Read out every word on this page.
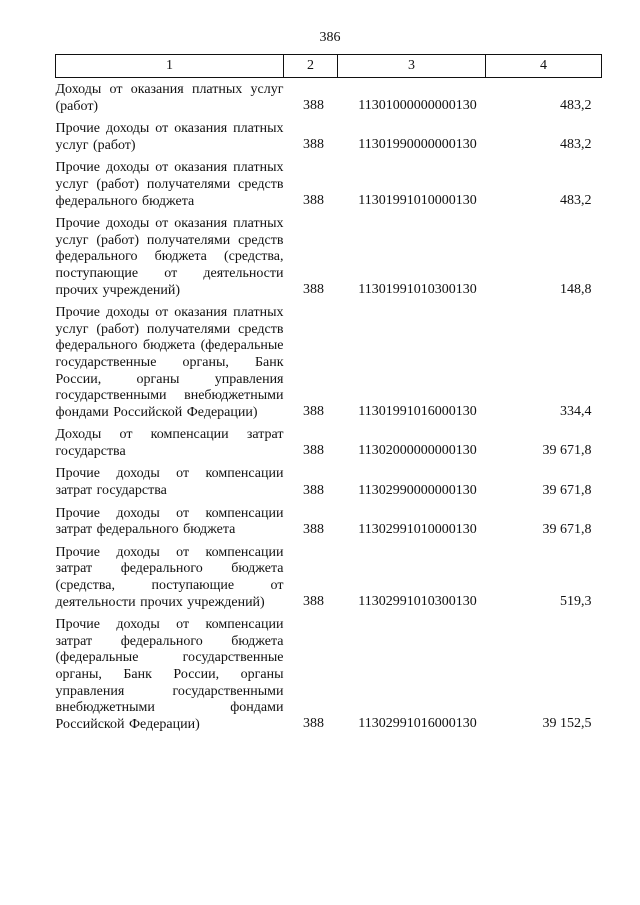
386
1	2	3	4
Доходы от оказания платных услуг (работ)	388	11301000000000130	483,2
Прочие доходы от оказания платных услуг (работ)	388	11301990000000130	483,2
Прочие доходы от оказания платных услуг (работ) получателями средств федерального бюджета	388	11301991010000130	483,2
Прочие доходы от оказания платных услуг (работ) получателями средств федерального бюджета (средства, поступающие от деятельности прочих учреждений)	388	11301991010300130	148,8
Прочие доходы от оказания платных услуг (работ) получателями средств федерального бюджета (федеральные государственные органы, Банк России, органы управления государственными внебюджетными фондами Российской Федерации)	388	11301991016000130	334,4
Доходы от компенсации затрат государства	388	11302000000000130	39 671,8
Прочие доходы от компенсации затрат государства	388	11302990000000130	39 671,8
Прочие доходы от компенсации затрат федерального бюджета	388	11302991010000130	39 671,8
Прочие доходы от компенсации затрат федерального бюджета (средства, поступающие от деятельности прочих учреждений)	388	11302991010300130	519,3
Прочие доходы от компенсации затрат федерального бюджета (федеральные государственные органы, Банк России, органы управления государственными внебюджетными фондами Российской Федерации)	388	11302991016000130	39 152,5
